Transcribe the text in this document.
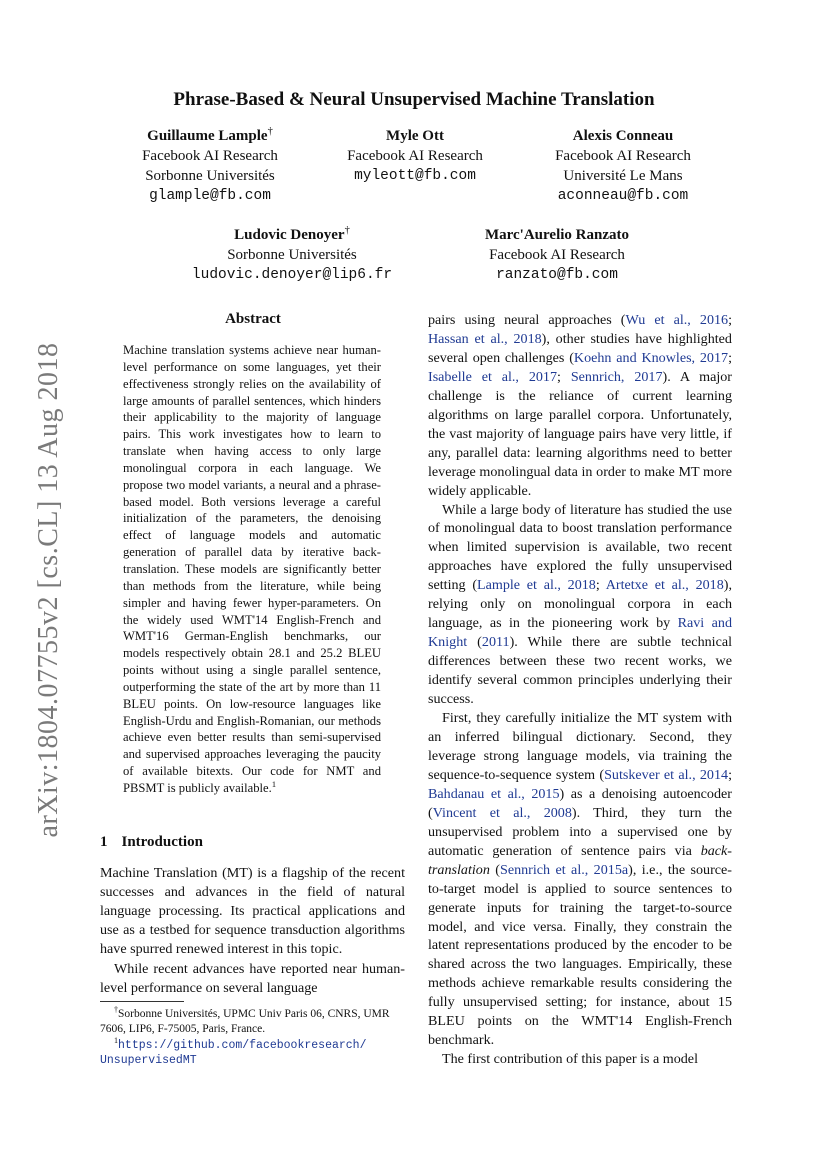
arXiv:1804.07755v2 [cs.CL] 13 Aug 2018
Phrase-Based & Neural Unsupervised Machine Translation
Guillaume Lample†
Facebook AI Research
Sorbonne Universités
glample@fb.com
Myle Ott
Facebook AI Research
myleott@fb.com
Alexis Conneau
Facebook AI Research
Université Le Mans
aconneau@fb.com
Ludovic Denoyer†
Sorbonne Universités
ludovic.denoyer@lip6.fr
Marc'Aurelio Ranzato
Facebook AI Research
ranzato@fb.com
Abstract
Machine translation systems achieve near human-level performance on some languages, yet their effectiveness strongly relies on the availability of large amounts of parallel sentences, which hinders their applicability to the majority of language pairs. This work investigates how to learn to translate when having access to only large monolingual corpora in each language. We propose two model variants, a neural and a phrase-based model. Both versions leverage a careful initialization of the parameters, the denoising effect of language models and automatic generation of parallel data by iterative back-translation. These models are significantly better than methods from the literature, while being simpler and having fewer hyper-parameters. On the widely used WMT'14 English-French and WMT'16 German-English benchmarks, our models respectively obtain 28.1 and 25.2 BLEU points without using a single parallel sentence, outperforming the state of the art by more than 11 BLEU points. On low-resource languages like English-Urdu and English-Romanian, our methods achieve even better results than semi-supervised and supervised approaches leveraging the paucity of available bitexts. Our code for NMT and PBSMT is publicly available.$^1$
1 Introduction
Machine Translation (MT) is a flagship of the recent successes and advances in the field of natural language processing. Its practical applications and use as a testbed for sequence transduction algorithms have spurred renewed interest in this topic.

While recent advances have reported near human-level performance on several language

†Sorbonne Universités, UPMC Univ Paris 06, CNRS, UMR 7606, LIP6, F-75005, Paris, France.
$^1$https://github.com/facebookresearch/
UnsupervisedMT

pairs using neural approaches (Wu et al., 2016; Hassan et al., 2018), other studies have highlighted several open challenges (Koehn and Knowles, 2017; Isabelle et al., 2017; Sennrich, 2017). A major challenge is the reliance of current learning algorithms on large parallel corpora. Unfortunately, the vast majority of language pairs have very little, if any, parallel data: learning algorithms need to better leverage monolingual data in order to make MT more widely applicable.

While a large body of literature has studied the use of monolingual data to boost translation performance when limited supervision is available, two recent approaches have explored the fully unsupervised setting (Lample et al., 2018; Artetxe et al., 2018), relying only on monolingual corpora in each language, as in the pioneering work by Ravi and Knight (2011). While there are subtle technical differences between these two recent works, we identify several common principles underlying their success.

First, they carefully initialize the MT system with an inferred bilingual dictionary. Second, they leverage strong language models, via training the sequence-to-sequence system (Sutskever et al., 2014; Bahdanau et al., 2015) as a denoising autoencoder (Vincent et al., 2008). Third, they turn the unsupervised problem into a supervised one by automatic generation of sentence pairs via back-translation (Sennrich et al., 2015a), i.e., the source-to-target model is applied to source sentences to generate inputs for training the target-to-source model, and vice versa. Finally, they constrain the latent representations produced by the encoder to be shared across the two languages. Empirically, these methods achieve remarkable results considering the fully unsupervised setting; for instance, about 15 BLEU points on the WMT'14 English-French benchmark.

The first contribution of this paper is a model
